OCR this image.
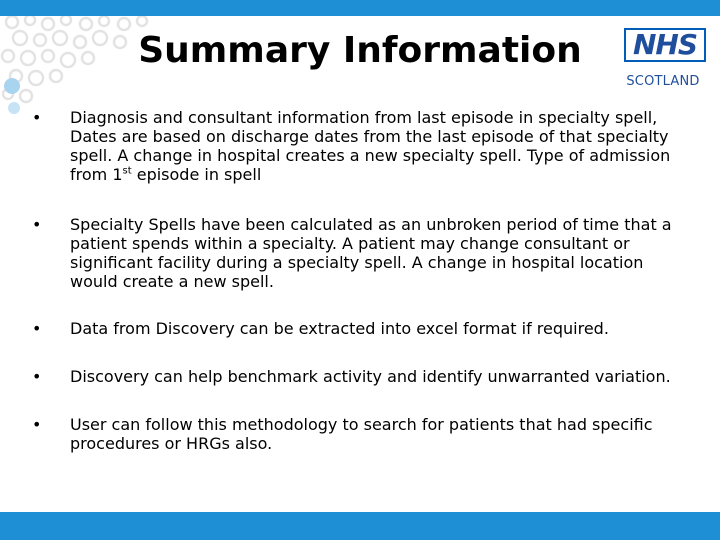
Summary Information	NHS
SCOTLAND
•	Diagnosis and consultant information from last episode in specialty spell, Dates are based on discharge dates from the last episode of that specialty spell. A change in hospital creates a new specialty spell. Type of admission from 1st episode in spell
•	Specialty Spells have been calculated as an unbroken period of time that a patient spends within a specialty. A patient may change consultant or significant facility during a specialty spell. A change in hospital location would create a new spell.
•	Data from Discovery can be extracted into excel format if required.
•	Discovery can help benchmark activity and identify unwarranted variation.
•	User can follow this methodology to search for patients that had specific procedures or HRGs also.
